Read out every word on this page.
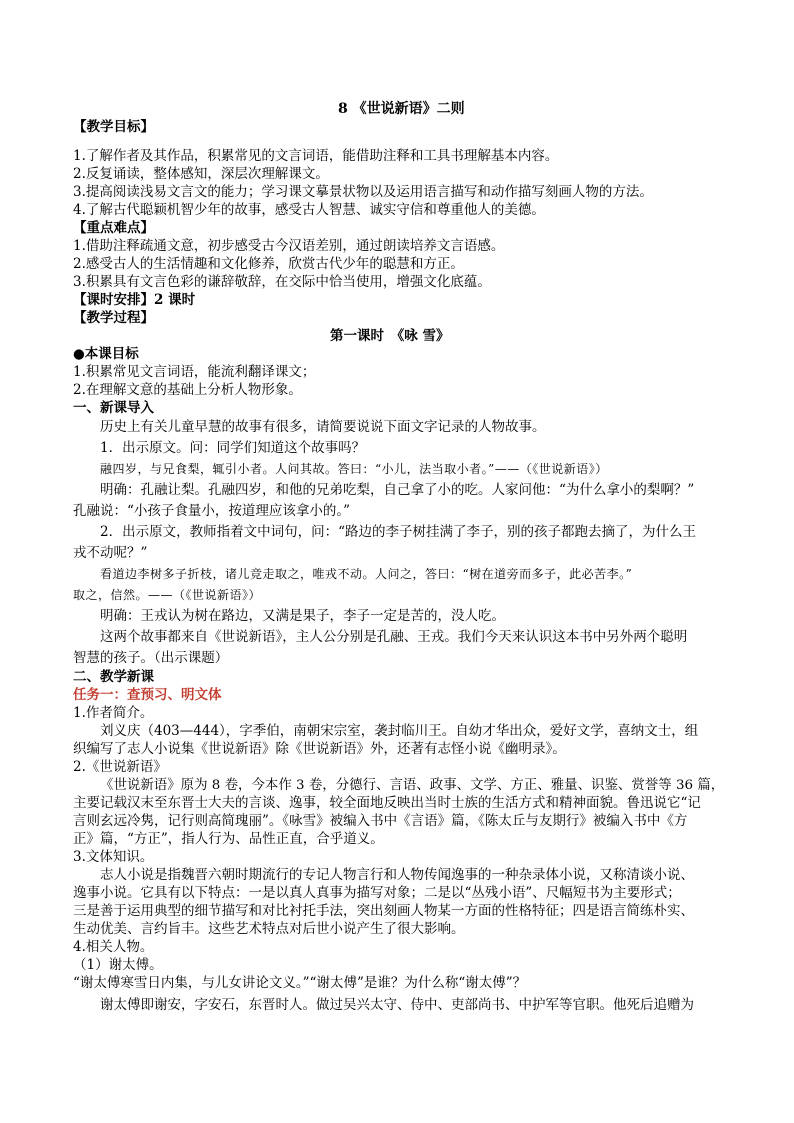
8 《世说新语》二则
【教学目标】
1.了解作者及其作品，积累常见的文言词语，能借助注释和工具书理解基本内容。
2.反复诵读，整体感知，深层次理解课文。
3.提高阅读浅易文言文的能力；学习课文摹景状物以及运用语言描写和动作描写刻画人物的方法。
4.了解古代聪颖机智少年的故事，感受古人智慧、诚实守信和尊重他人的美德。
【重点难点】
1.借助注释疏通文意，初步感受古今汉语差别，通过朗读培养文言语感。
2.感受古人的生活情趣和文化修养，欣赏古代少年的聪慧和方正。
3.积累具有文言色彩的谦辞敬辞，在交际中恰当使用，增强文化底蕴。
【课时安排】2 课时
【教学过程】
第一课时　《咏 雪》
●本课目标
1.积累常见文言词语，能流利翻译课文；
2.在理解文意的基础上分析人物形象。
一、新课导入
历史上有关儿童早慧的故事有很多，请简要说说下面文字记录的人物故事。
1．出示原文。问：同学们知道这个故事吗？
融四岁，与兄食梨，辄引小者。人问其故。答曰：“小儿，法当取小者。”——（《世说新语》）
明确：孔融让梨。孔融四岁，和他的兄弟吃梨，自己拿了小的吃。人家问他：“为什么拿小的梨啊？”
孔融说：“小孩子食量小，按道理应该拿小的。”
2．出示原文，教师指着文中词句，问：“路边的李子树挂满了李子，别的孩子都跑去摘了，为什么王
戎不动呢？”
看道边李树多子折枝，诸儿竞走取之，唯戎不动。人问之，答曰：“树在道旁而多子，此必苦李。”
取之，信然。——（《世说新语》）
明确：王戎认为树在路边，又满是果子，李子一定是苦的，没人吃。
这两个故事都来自《世说新语》，主人公分别是孔融、王戎。我们今天来认识这本书中另外两个聪明
智慧的孩子。（出示课题）
二、教学新课
任务一：查预习、明文体
1.作者简介。
刘义庆（403—444），字季伯，南朝宋宗室，袭封临川王。自幼才华出众，爱好文学，喜纳文士，组
织编写了志人小说集《世说新语》除《世说新语》外，还著有志怪小说《幽明录》。
2.《世说新语》
《世说新语》原为 8 卷，今本作 3 卷，分德行、言语、政事、文学、方正、雅量、识鉴、赏誉等 36 篇，
主要记载汉末至东晋士大夫的言谈、逸事，较全面地反映出当时士族的生活方式和精神面貌。鲁迅说它“记
言则玄远冷隽，记行则高简瑰丽”。《咏雪》被编入书中《言语》篇，《陈太丘与友期行》被编入书中《方
正》篇，“方正”，指人行为、品性正直，合乎道义。
3.文体知识。
志人小说是指魏晋六朝时期流行的专记人物言行和人物传闻逸事的一种杂录体小说，又称清谈小说、
逸事小说。它具有以下特点：一是以真人真事为描写对象；二是以“丛残小语”、尺幅短书为主要形式；
三是善于运用典型的细节描写和对比衬托手法，突出刻画人物某一方面的性格特征；四是语言简练朴实、
生动优美、言约旨丰。这些艺术特点对后世小说产生了很大影响。
4.相关人物。
（1）谢太傅。
“谢太傅寒雪日内集，与儿女讲论文义。”“谢太傅”是谁？为什么称“谢太傅”？
谢太傅即谢安，字安石，东晋时人。做过吴兴太守、侍中、吏部尚书、中护军等官职。他死后追赠为
